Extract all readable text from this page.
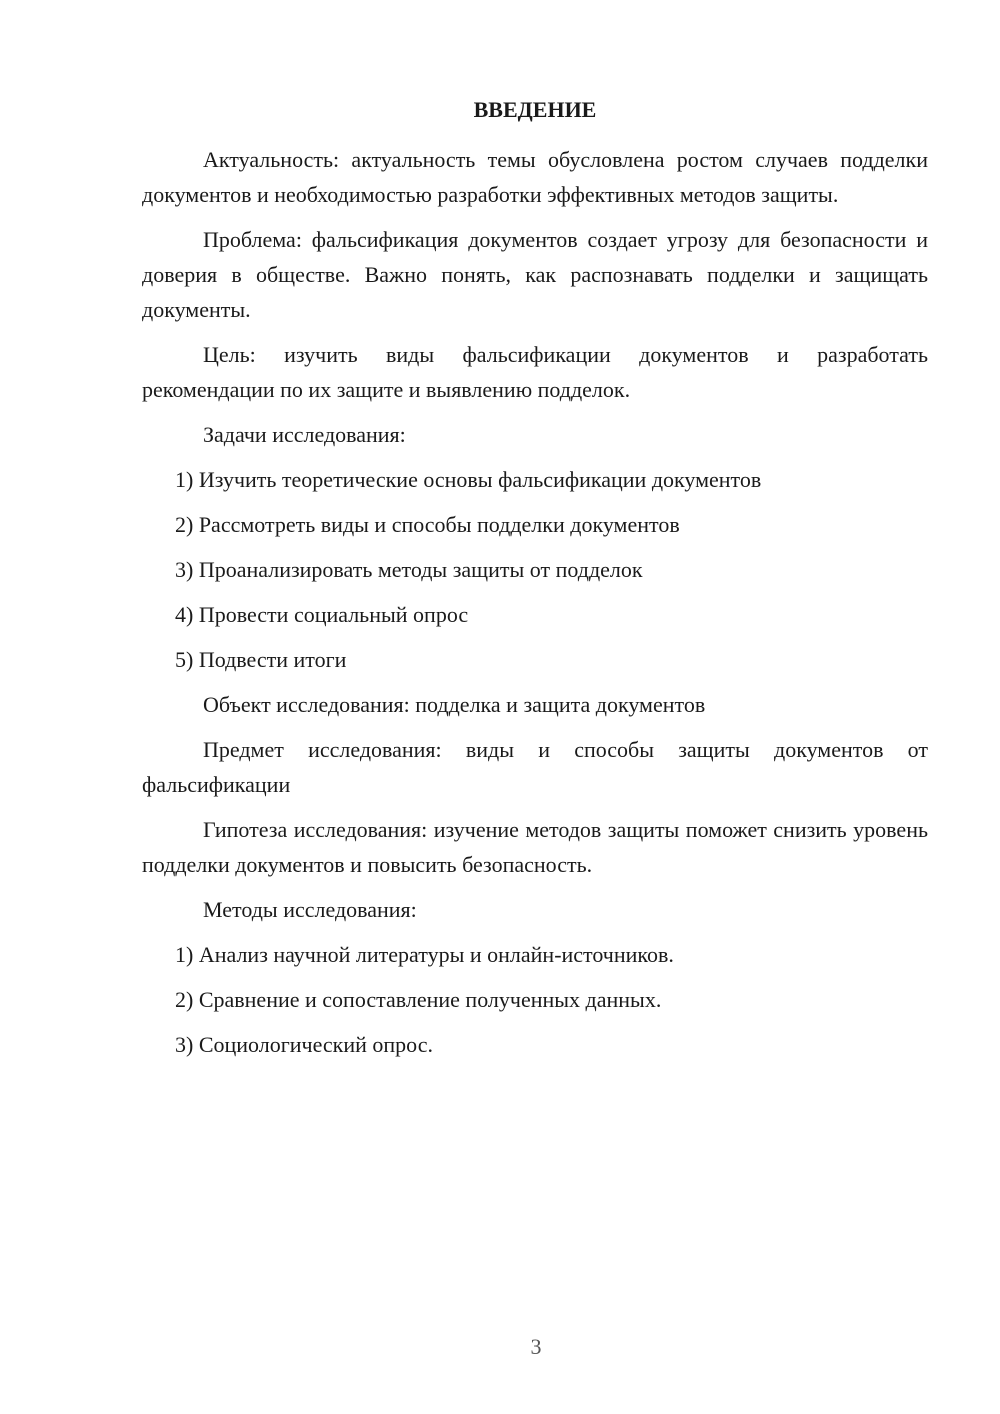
ВВЕДЕНИЕ

Актуальность: актуальность темы обусловлена ростом случаев подделки документов и необходимостью разработки эффективных методов защиты.

Проблема: фальсификация документов создает угрозу для безопасности и доверия в обществе. Важно понять, как распознавать подделки и защищать документы.

Цель: изучить виды фальсификации документов и разработать рекомендации по их защите и выявлению подделок.

Задачи исследования:

1) Изучить теоретические основы фальсификации документов

2) Рассмотреть виды и способы подделки документов

3) Проанализировать методы защиты от подделок

4) Провести социальный опрос

5) Подвести итоги

Объект исследования: подделка и защита документов

Предмет исследования: виды и способы защиты документов от фальсификации

Гипотеза исследования: изучение методов защиты поможет снизить уровень подделки документов и повысить безопасность.

Методы исследования:

1) Анализ научной литературы и онлайн-источников.

2) Сравнение и сопоставление полученных данных.

3) Социологический опрос.

3
